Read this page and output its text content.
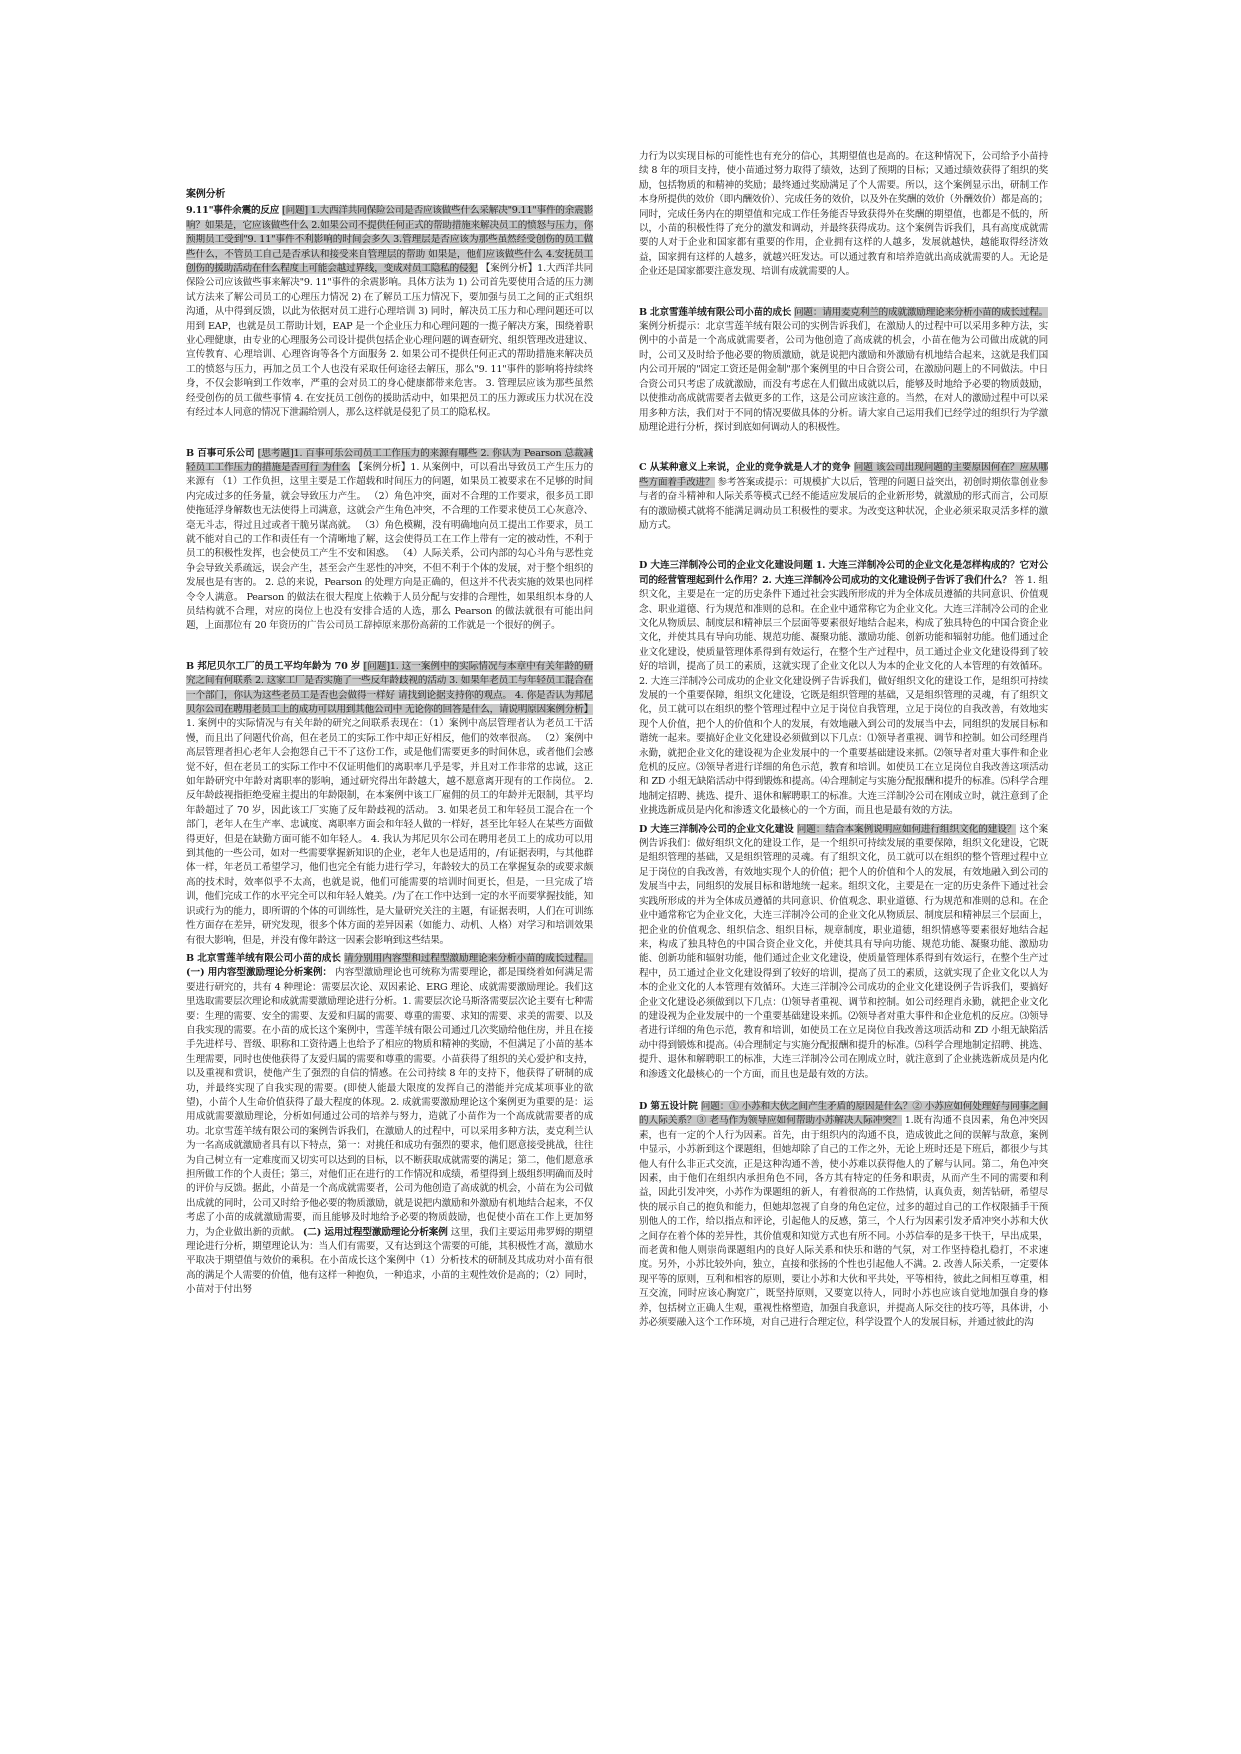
案例分析

9.11"事件余震的反应 [问题] 1.大西洋共同保险公司是否应该做些什么采解决"9.11"事件的余震影响？如果是，它应该做些什么 2.如果公司不提供任何正式的帮助措施来解决员工的愤怒与压力，你预期员工受到"9. 11"事件不利影响的时间会多久 3.管理层是否应该为那些虽然经受创伤的员工做些什么，不管员工自己是否承认和接受来自管理层的帮助 如果是，他们应该做些什么 4.安抚员工创伤的援助活动在什么程度上可能会越过界线，变成对员工隐私的侵犯 【案例分析】1.大西洋共同保险公司应该做些事来解决"9. 11"事件的余震影响。具体方法为 1) 公司首先要使用合适的压力测试方法来了解公司员工的心理压力情况 2) 在了解员工压力情况下，要加强与员工之间的正式组织沟通，从中得到反馈，以此为依据对员工进行心理培训 3) 同时，解决员工压力和心理问题还可以用到 EAP，也就是员工帮助计划，EAP 是一个企业压力和心理问题的一揽子解决方案，围绕着职业心理健康，由专业的心理服务公司设计提供包括企业心理问题的调查研究、组织管理改进建议、宣传教育、心理培训、心理咨询等各个方面服务 2. 如果公司不提供任何正式的帮助措施来解决员工的愤怒与压力，再加之员工个人也没有采取任何途径去解压，那么"9. 11"事件的影响将持续终身，不仅会影响到工作效率，严重的会对员工的身心健康都带来危害。 3. 管理层应该为那些虽然经受创伤的员工做些事情 4. 在安抚员工创伤的援助活动中，如果把员工的压力源或压力状况在没有经过本人同意的情况下泄漏给别人，那么这样就是侵犯了员工的隐私权。

B 百事可乐公司 [思考题]1. 百事可乐公司员工工作压力的来源有哪些 2. 你认为 Pearson 总裁减轻员工工作压力的措施是否可行 为什么 【案例分析】1. 从案例中，可以看出导致员工产生压力的来源有 （1）工作负担，这里主要是工作超载和时间压力的问题，如果员工被要求在不足够的时间内完成过多的任务量，就会导致压力产生。 （2）角色冲突，面对不合理的工作要求，很多员工即使拖延浮身解数也无法使得上司满意，这就会产生角色冲突，不合理的工作要求使员工心灰意冷、毫无斗志，得过且过或者干脆另谋高就。 （3）角色模糊，没有明确地向员工提出工作要求，员工就不能对自己的工作和责任有一个清晰地了解，这会使得员工在工作上带有一定的被动性，不利于员工的积极性发挥，也会使员工产生不安和困惑。 （4）人际关系，公司内部的勾心斗角与恶性竞争会导致关系疏远，误会产生，甚至会产生恶性的冲突，不但不利于个体的发展，对于整个组织的发展也是有害的。 2. 总的来说，Pearson 的处理方向是正确的，但这并不代表实施的效果也同样令令人满意。 Pearson 的做法在很大程度上依赖于人员分配与安排的合理性，如果组织本身的人员结构就不合理，对应的岗位上也没有安排合适的人选，那么 Pearson 的做法就很有可能出问题，上面那位有 20 年资历的广告公司员工辞掉原来那份高薪的工作就是一个很好的例子。

B 邦尼贝尔工厂的员工平均年龄为 70 岁 [问题]1. 这一案例中的实际情况与本章中有关年龄的研究之间有何联系 2. 这家工厂是否实施了一些反年龄歧视的活动 3. 如果年老员工与年轻员工混合在一个部门，你认为这些老员工是否也会做得一样好 请找到论据支持你的观点。 4. 你是否认为邦尼贝尔公司在聘用老员工上的成功可以用到其他公司中 无论你的回答是什么，请说明原因案例分析】 1. 案例中的实际情况与有关年龄的研究之间联系表现在：（1）案例中高层管理者认为老员工干活慢，而且出了问题代价高，但在老员工的实际工作中却正好相反，他们的效率很高。 （2）案例中高层管理者担心老年人会抱怨自己干不了这份工作，或是他们需要更多的时间休息，或者他们会感觉不好，但在老员工的实际工作中不仅证明他们的离职率几乎是零，并且对工作非常的忠诚，这正如年龄研究中年龄对离职率的影响，通过研究得出年龄越大，越不愿意离开现有的工作岗位。 2. 反年龄歧视指拒绝受雇主提出的年龄限制，在本案例中该工厂雇佣的员工的年龄并无限制，其平均年龄超过了 70 岁，因此该工厂实施了反年龄歧视的活动。 3. 如果老员工和年轻员工混合在一个部门，老年人在生产率、忠诚度、离职率方面会和年轻人做的一样好，甚至比年轻人在某些方面做得更好，但是在缺勤方面可能不如年轻人。 4. 我认为邦尼贝尔公司在聘用老员工上的成功可以用到其他的一些公司，如对一些需要掌握新知识的企业，老年人也是适用的，/有证据表明，与其他群体一样，年老员工希望学习，他们也完全有能力进行学习，年龄较大的员工在掌握复杂的或要求颇高的技术时，效率似乎不太高，也就是说，他们可能需要的培训时间更长，但是，一旦完成了培训，他们完成工作的水平完全可以和年轻人媲美。/为了在工作中达到一定的水平而要掌握技能，知识或行为的能力，即所谓的个体的可训练性，是大量研究关注的主题，有证据表明，人们在可训练性方面存在差异，研究发现，很多个体方面的差异因素（如能力、动机、人格）对学习和培训效果有很大影响，但是，并没有像年龄这一因素会影响到这些结果。

B 北京雪莲羊绒有限公司小苗的成长 请分别用内容型和过程型激励理论来分析小苗的成长过程。 (一) 用内容型激励理论分析案例： 内容型激励理论也可统称为需要理论，都是围绕着如何满足需要进行研究的，共有 4 种理论：需要层次论、双因素论、ERG 理论、成就需要激励理论。我们这里选取需要层次理论和成就需要激励理论进行分析。1. 需要层次论马斯洛需要层次论主要有七种需要：生理的需要、安全的需要、友爱和归属的需要、尊重的需要、求知的需要、求美的需要、以及自我实现的需要。在小苗的成长这个案例中，雪莲羊绒有限公司通过几次奖励给他住房，并且在接手先进样号、晋级、职称和工资待遇上也给予了相应的物质和精神的奖励，不但满足了小苗的基本生理需要，同时也使他获得了友爱归属的需要和尊重的需要。小苗获得了组织的关心爱护和支持，以及重视和赏识，使他产生了强烈的自信的情感。在公司持续 8 年的支持下，他获得了研制的成功，并最终实现了自我实现的需要。(即使人能最大限度的发挥自己的潜能并完成某项事业的欲望)，小苗个人生命价值获得了最大程度的体现。2. 成就需要激励理论这个案例更为重要的是：运用成就需要激励理论，分析如何通过公司的培养与努力，造就了小苗作为一个高成就需要者的成功。北京雪莲羊绒有限公司的案例告诉我们，在激励人的过程中，可以采用多种方法，麦克利兰认为一名高成就激励者具有以下特点，第一：对挑任和成功有强烈的要求，他们愿意接受挑战，往往为自己树立有一定难度而又切实可以达到的目标，以不断获取成就需要的满足；第二，他们愿意承担所做工作的个人责任；第三，对他们正在进行的工作情况和成绩，希望得到上级组织明确而及时的评价与反馈。据此，小苗是一个高成就需要者，公司为他创造了高成就的机会，小苗在为公司做出成就的同时，公司又时给予他必要的物质激励，就是说把内激励和外激励有机地结合起来，不仅考虑了小苗的成就激励需要，而且能够及时地给予必要的物质鼓励，也促使小苗在工作上更加努力，为企业做出新的贡献。 (二) 运用过程型激励理论分析案例 这里，我们主要运用弗罗姆的期望理论进行分析，期望理论认为：当人们有需要，又有达到这个需要的可能，其积极性才高，激励水平取决于期望值与效价的乘积。在小苗成长这个案例中（1）分析技术的研制及其成功对小苗有很高的满足个人需要的价值，他有这样一种抱负，一种追求，小苗的主观性效价是高的；（2）同时，小苗对于付出努

力行为以实现目标的可能性也有充分的信心，其期望值也是高的。在这种情况下，公司给予小苗持续 8 年的项目支持，使小苗通过努力取得了绩效，达到了预期的目标；又通过绩效获得了组织的奖励，包括物质的和精神的奖励；最终通过奖励满足了个人需要。所以，这个案例显示出，研制工作本身所提供的效价（即内酬效价）、完成任务的效价，以及外在奖酬的效价（外酬效价）都是高的；同时，完成任务内在的期望值和完成工作任务能否导致获得外在奖酬的期望值，也都是不低的，所以，小苗的积极性得了充分的激发和调动，并最终获得成功。这个案例告诉我们，具有高度成就需要的人对于企业和国家都有重要的作用，企业拥有这样的人越多，发展就越快，越能取得经济效益，国家拥有这样的人越多，就越兴旺发达。可以通过教育和培养造就出高成就需要的人。无论是企业还是国家都要注意发现、培训有成就需要的人。

B 北京雪莲羊绒有限公司小苗的成长 问题：请用麦克利兰的成就激励理论来分析小苗的成长过程。 案例分析提示：北京雪莲羊绒有限公司的实例告诉我们，在激励人的过程中可以采用多种方法，实例中的小苗是一个高成就需要者，公司为他创造了高成就的机会，小苗在他为公司做出成就的同时，公司又及时给予他必要的物质激励，就是说把内激励和外激励有机地结合起来，这就是我们国内公司开展的"固定工资还是佣金制"那个案例里的中日合资公司，在激励问题上的不同做法。中日合资公司只考虑了成就激励，而没有考虑在人们做出成就以后，能够及时地给予必要的物质鼓励，以使推动高成就需要者去做更多的工作，这是公司应该注意的。当然，在对人的激励过程中可以采用多种方法，我们对于不同的情况要做具体的分析。请大家自己运用我们已经学过的组织行为学激励理论进行分析，探讨到底如何调动人的积极性。

C 从某种意义上来说，企业的竞争就是人才的竞争 问题 该公司出现问题的主要原因何在？应从哪些方面着手改进？ 参考答案或提示：可规模扩大以后，管理的问题日益突出，初创时期依靠创业参与者的奋斗精神和人际关系等模式已经不能适应发展后的企业新形势，就激励的形式而言，公司原有的激励模式就将不能满足调动员工积极性的要求。为改变这种状况，企业必须采取灵活多样的激励方式。

D 大连三洋制冷公司的企业文化建设问题 1. 大连三洋制冷公司的企业文化是怎样构成的？它对公司的经营管理起到什么作用？2. 大连三洋制冷公司成功的文化建设例子告诉了我们什么？ 答 1. 组织文化，主要是在一定的历史条件下通过社会实践所形成的并为全体成员遵循的共同意识、价值观念、职业道德、行为规范和准则的总和。在企业中通常称它为企业文化。大连三洋制冷公司的企业文化从物质层、制度层和精神层三个层面等要素很好地结合起来，构成了独具特色的中国合资企业文化，并使其具有导向功能、规范功能、凝聚功能、激励功能、创新功能和辐射功能。他们通过企业文化建设，使质量管理体系得到有效运行，在整个生产过程中，员工通过企业文化建设得到了较好的培训，提高了员工的素质，这就实现了企业文化以人为本的企业文化的人本管理的有效循环。2. 大连三洋制冷公司成功的企业文化建设例子告诉我们，做好组织文化的建设工作，是组织可持续发展的一个重要保障，组织文化建设，它既是组织管理的基础，又是组织管理的灵魂，有了组织文化，员工就可以在组织的整个管理过程中立足于岗位自我管理，立足于岗位的自我改善，有效地实现个人价值，把个人的价值和个人的发展，有效地融入到公司的发展当中去，同组织的发展目标和谐统一起来。要搞好企业文化建设必须做到以下几点：⑴领导者重视、调节和控制。如公司经理肖永勤，就把企业文化的建设视为企业发展中的一个重要基础建设来抓。⑵领导者对重大事件和企业危机的反应。⑶领导者进行详细的角色示范，教育和培训。如使员工在立足岗位自我改善这项活动和 ZD 小组无缺陷活动中得到锻炼和提高。⑷合理制定与实施分配报酬和提升的标准。⑸科学合理地制定招聘、挑选、提升、退休和解聘职工的标准。大连三洋制冷公司在刚成立时，就注意到了企业挑选新成员是内化和渗透文化最核心的一个方面，而且也是最有效的方法。

D 大连三洋制冷公司的企业文化建设 问题：结合本案例说明应如何进行组织文化的建设？ 这个案例告诉我们：做好组织文化的建设工作，是一个组织可持续发展的重要保障，组织文化建设，它既是组织管理的基础，又是组织管理的灵魂。有了组织文化，员工就可以在组织的整个管理过程中立足于岗位的自我改善，有效地实现个人的价值；把个人的价值和个人的发展，有效地融入到公司的发展当中去，同组织的发展目标和谐地统一起来。组织文化，主要是在一定的历史条件下通过社会实践所形成的并为全体成员遵循的共同意识、价值观念、职业道德、行为规范和准则的总和。在企业中通常称它为企业文化，大连三洋制冷公司的企业文化从物质层、制度层和精神层三个层面上，把企业的价值观念、组织信念、组织目标，规章制度，职业道德，组织情感等要素很好地结合起来，构成了独具特色的中国合资企业文化，并使其具有导向功能、规范功能、凝聚功能、激励功能、创新功能和辐射功能，他们通过企业文化建设，使质量管理体系得到有效运行，在整个生产过程中，员工通过企业文化建设得到了较好的培训，提高了员工的素质，这就实现了企业文化以人为本的企业文化的人本管理有效循环。大连三洋制冷公司成功的企业文化建设例子告诉我们，要搞好企业文化建设必须做到以下几点：⑴领导者重视、调节和控制。如公司经理肖永勤，就把企业文化的建设视为企业发展中的一个重要基础建设来抓。⑵领导者对重大事件和企业危机的反应。⑶领导者进行详细的角色示范，教育和培训，如使员工在立足岗位自我改善这项活动和 ZD 小组无缺陷活动中得到锻炼和提高。⑷合理制定与实施分配报酬和提升的标准。⑸科学合理地制定招聘、挑选、提升、退休和解聘职工的标准，大连三洋制冷公司在刚成立时，就注意到了企业挑选新成员是内化和渗透文化最核心的一个方面，而且也是最有效的方法。

D 第五设计院 问题：① 小苏和大伙之间产生矛盾的原因是什么？② 小苏应如何处理好与同事之间的人际关系？③ 老马作为领导应如何帮助小苏解决人际冲突？ 1.既有沟通不良因素，角色冲突因素，也有一定的个人行为因素。首先，由于组织内的沟通不良，造成彼此之间的误解与敌意，案例中显示，小苏新到这个课题组，但她却除了自己的工作之外，无论上班时还是下班后，都很少与其他人有什么非正式交流，正是这种沟通不善，使小苏难以获得他人的了解与认同。第二，角色冲突因素，由于他们在组织内承担角色不同，各方其有特定的任务和职责，从而产生不同的需要和利益，因此引发冲突，小苏作为课题组的新人，有着很高的工作热情，认真负责，刻苦钻研，希望尽快的展示自己的抱负和能力，但她却忽视了自身的角色定位，过多的超过自己的工作权限插手干预别他人的工作，给以指点和评论，引起他人的反感，第三，个人行为因素引发矛盾冲突小苏和大伙之间存在着个体的差异性，其价值观和知觉方式也有所不同。小苏信奉的是多干快干，早出成果，而老黄和他人则崇尚课题组内的良好人际关系和快乐和谐的气氛，对工作坚持稳扎稳打，不求速度。另外，小苏比较外向，独立，直接和张扬的个性也引起他人不满。2. 改善人际关系，一定要体现平等的原则，互利和相容的原则，要让小苏和大伙和平共处，平等相待，彼此之间相互尊重，相互交流，同时应该心胸宽广，既坚持原则，又要宽以待人，同时小苏也应该自觉地加强自身的修养，包括树立正确人生观，重视性格塑造，加强自我意识，并提高人际交往的技巧等，具体讲，小苏必须要融入这个工作环境，对自己进行合理定位，科学设置个人的发展目标，并通过彼此的沟
